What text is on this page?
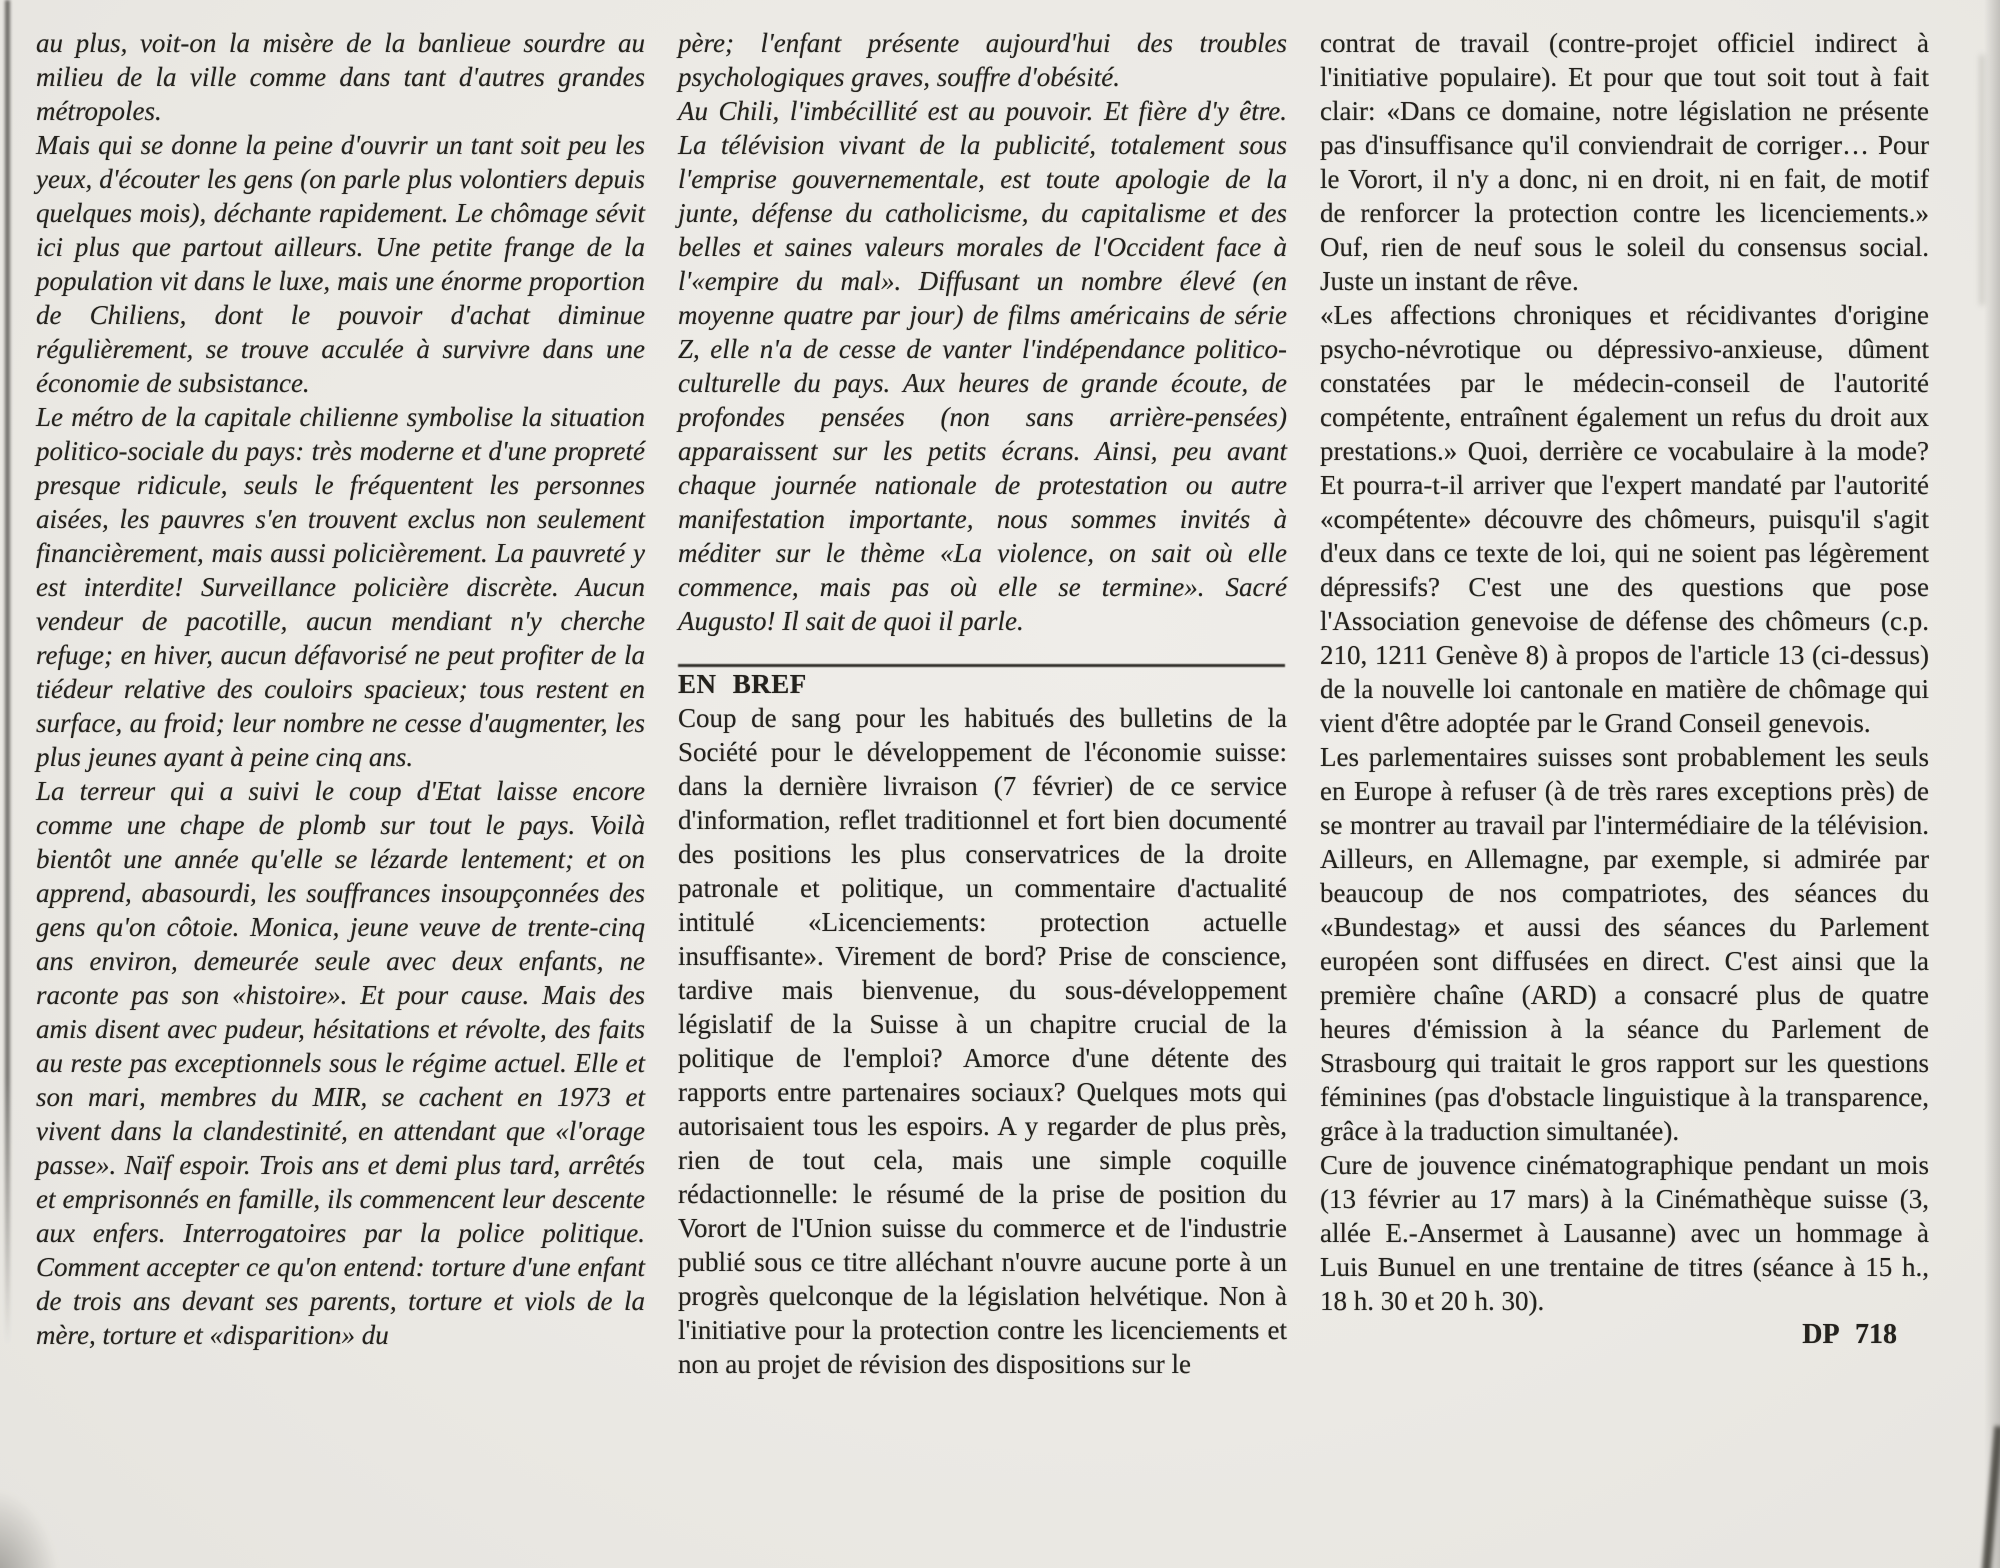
au plus, voit-on la misère de la banlieue sourdre au milieu de la ville comme dans tant d'autres grandes métropoles.

Mais qui se donne la peine d'ouvrir un tant soit peu les yeux, d'écouter les gens (on parle plus volontiers depuis quelques mois), déchante rapidement. Le chômage sévit ici plus que partout ailleurs. Une petite frange de la population vit dans le luxe, mais une énorme proportion de Chiliens, dont le pouvoir d'achat diminue régulièrement, se trouve acculée à survivre dans une économie de subsistance.

Le métro de la capitale chilienne symbolise la situation politico-sociale du pays: très moderne et d'une propreté presque ridicule, seuls le fréquentent les personnes aisées, les pauvres s'en trouvent exclus non seulement financièrement, mais aussi policièrement. La pauvreté y est interdite! Surveillance policière discrète. Aucun vendeur de pacotille, aucun mendiant n'y cherche refuge; en hiver, aucun défavorisé ne peut profiter de la tiédeur relative des couloirs spacieux; tous restent en surface, au froid; leur nombre ne cesse d'augmenter, les plus jeunes ayant à peine cinq ans.

La terreur qui a suivi le coup d'Etat laisse encore comme une chape de plomb sur tout le pays. Voilà bientôt une année qu'elle se lézarde lentement; et on apprend, abasourdi, les souffrances insoupçonnées des gens qu'on côtoie. Monica, jeune veuve de trente-cinq ans environ, demeurée seule avec deux enfants, ne raconte pas son «histoire». Et pour cause. Mais des amis disent avec pudeur, hésitations et révolte, des faits au reste pas exceptionnels sous le régime actuel. Elle et son mari, membres du MIR, se cachent en 1973 et vivent dans la clandestinité, en attendant que «l'orage passe». Naïf espoir. Trois ans et demi plus tard, arrêtés et emprisonnés en famille, ils commencent leur descente aux enfers. Interrogatoires par la police politique. Comment accepter ce qu'on entend: torture d'une enfant de trois ans devant ses parents, torture et viols de la mère, torture et «disparition» du

père; l'enfant présente aujourd'hui des troubles psychologiques graves, souffre d'obésité.

Au Chili, l'imbécillité est au pouvoir. Et fière d'y être. La télévision vivant de la publicité, totalement sous l'emprise gouvernementale, est toute apologie de la junte, défense du catholicisme, du capitalisme et des belles et saines valeurs morales de l'Occident face à l'«empire du mal». Diffusant un nombre élevé (en moyenne quatre par jour) de films américains de série Z, elle n'a de cesse de vanter l'indépendance politico-culturelle du pays. Aux heures de grande écoute, de profondes pensées (non sans arrière-pensées) apparaissent sur les petits écrans. Ainsi, peu avant chaque journée nationale de protestation ou autre manifestation importante, nous sommes invités à méditer sur le thème «La violence, on sait où elle commence, mais pas où elle se termine». Sacré Augusto! Il sait de quoi il parle.

EN BREF

Coup de sang pour les habitués des bulletins de la Société pour le développement de l'économie suisse: dans la dernière livraison (7 février) de ce service d'information, reflet traditionnel et fort bien documenté des positions les plus conservatrices de la droite patronale et politique, un commentaire d'actualité intitulé «Licenciements: protection actuelle insuffisante». Virement de bord? Prise de conscience, tardive mais bienvenue, du sous-développement législatif de la Suisse à un chapitre crucial de la politique de l'emploi? Amorce d'une détente des rapports entre partenaires sociaux? Quelques mots qui autorisaient tous les espoirs. A y regarder de plus près, rien de tout cela, mais une simple coquille rédactionnelle: le résumé de la prise de position du Vorort de l'Union suisse du commerce et de l'industrie publié sous ce titre alléchant n'ouvre aucune porte à un progrès quelconque de la législation helvétique. Non à l'initiative pour la protection contre les licenciements et non au projet de révision des dispositions sur le

contrat de travail (contre-projet officiel indirect à l'initiative populaire). Et pour que tout soit tout à fait clair: «Dans ce domaine, notre législation ne présente pas d'insuffisance qu'il conviendrait de corriger… Pour le Vorort, il n'y a donc, ni en droit, ni en fait, de motif de renforcer la protection contre les licenciements.» Ouf, rien de neuf sous le soleil du consensus social. Juste un instant de rêve.

«Les affections chroniques et récidivantes d'origine psycho-névrotique ou dépressivo-anxieuse, dûment constatées par le médecin-conseil de l'autorité compétente, entraînent également un refus du droit aux prestations.» Quoi, derrière ce vocabulaire à la mode? Et pourra-t-il arriver que l'expert mandaté par l'autorité «compétente» découvre des chômeurs, puisqu'il s'agit d'eux dans ce texte de loi, qui ne soient pas légèrement dépressifs? C'est une des questions que pose l'Association genevoise de défense des chômeurs (c.p. 210, 1211 Genève 8) à propos de l'article 13 (ci-dessus) de la nouvelle loi cantonale en matière de chômage qui vient d'être adoptée par le Grand Conseil genevois.

Les parlementaires suisses sont probablement les seuls en Europe à refuser (à de très rares exceptions près) de se montrer au travail par l'intermédiaire de la télévision. Ailleurs, en Allemagne, par exemple, si admirée par beaucoup de nos compatriotes, des séances du «Bundestag» et aussi des séances du Parlement européen sont diffusées en direct. C'est ainsi que la première chaîne (ARD) a consacré plus de quatre heures d'émission à la séance du Parlement de Strasbourg qui traitait le gros rapport sur les questions féminines (pas d'obstacle linguistique à la transparence, grâce à la traduction simultanée).

Cure de jouvence cinématographique pendant un mois (13 février au 17 mars) à la Cinémathèque suisse (3, allée E.-Ansermet à Lausanne) avec un hommage à Luis Bunuel en une trentaine de titres (séance à 15 h., 18 h. 30 et 20 h. 30).

DP 718
